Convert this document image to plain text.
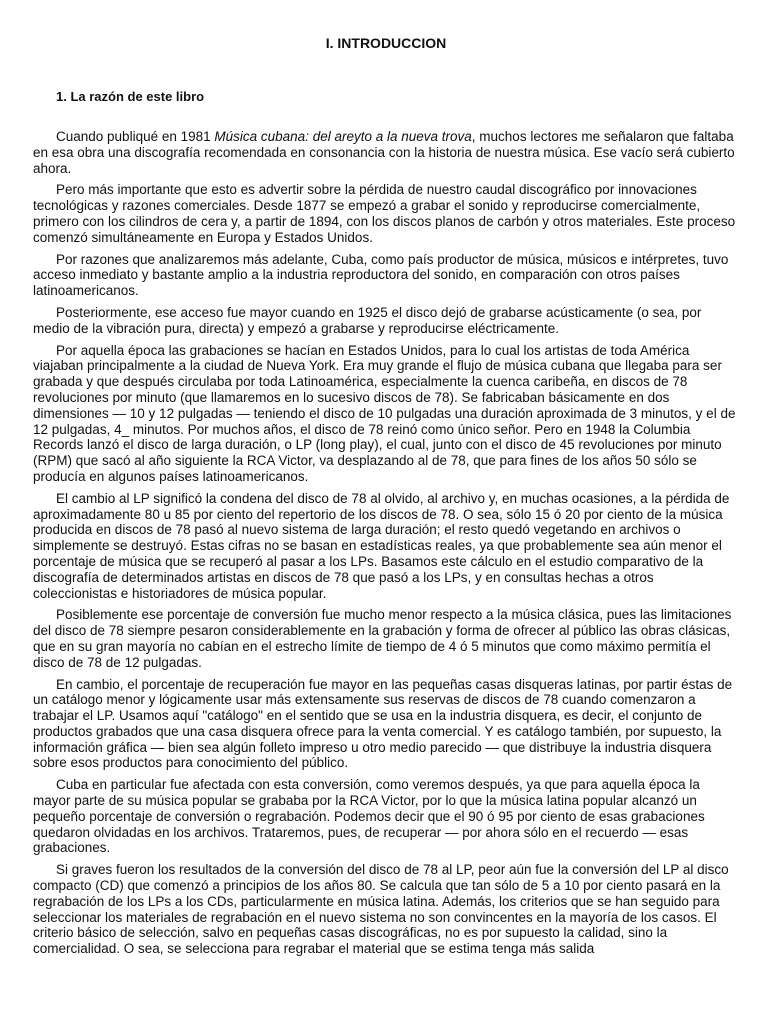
I. INTRODUCCION
1. La razón de este libro

Cuando publiqué en 1981 Música cubana: del areyto a la nueva trova, muchos lectores me señalaron que faltaba en esa obra una discografía recomendada en consonancia con la historia de nuestra música. Ese vacío será cubierto ahora.

Pero más importante que esto es advertir sobre la pérdida de nuestro caudal discográfico por innovaciones tecnológicas y razones comerciales. Desde 1877 se empezó a grabar el sonido y reproducirse comercialmente, primero con los cilindros de cera y, a partir de 1894, con los discos planos de carbón y otros materiales. Este proceso comenzó simultáneamente en Europa y Estados Unidos.

Por razones que analizaremos más adelante, Cuba, como país productor de música, músicos e intérpretes, tuvo acceso inmediato y bastante amplio a la industria reproductora del sonido, en comparación con otros países latinoamericanos.

Posteriormente, ese acceso fue mayor cuando en 1925 el disco dejó de grabarse acústicamente (o sea, por medio de la vibración pura, directa) y empezó a grabarse y reproducirse eléctricamente.

Por aquella época las grabaciones se hacían en Estados Unidos, para lo cual los artistas de toda América viajaban principalmente a la ciudad de Nueva York. Era muy grande el flujo de música cubana que llegaba para ser grabada y que después circulaba por toda Latinoamérica, especialmente la cuenca caribeña, en discos de 78 revoluciones por minuto (que llamaremos en lo sucesivo discos de 78). Se fabricaban básicamente en dos dimensiones — 10 y 12 pulgadas — teniendo el disco de 10 pulgadas una duración aproximada de 3 minutos, y el de 12 pulgadas, 4_ minutos. Por muchos años, el disco de 78 reinó como único señor. Pero en 1948 la Columbia Records lanzó el disco de larga duración, o LP (long play), el cual, junto con el disco de 45 revoluciones por minuto (RPM) que sacó al año siguiente la RCA Victor, va desplazando al de 78, que para fines de los años 50 sólo se producía en algunos países latinoamericanos.

El cambio al LP significó la condena del disco de 78 al olvido, al archivo y, en muchas ocasiones, a la pérdida de aproximadamente 80 u 85 por ciento del repertorio de los discos de 78. O sea, sólo 15 ó 20 por ciento de la música producida en discos de 78 pasó al nuevo sistema de larga duración; el resto quedó vegetando en archivos o simplemente se destruyó. Estas cifras no se basan en estadísticas reales, ya que probablemente sea aún menor el porcentaje de música que se recuperó al pasar a los LPs. Basamos este cálculo en el estudio comparativo de la discografía de determinados artistas en discos de 78 que pasó a los LPs, y en consultas hechas a otros coleccionistas e historiadores de música popular.

Posiblemente ese porcentaje de conversión fue mucho menor respecto a la música clásica, pues las limitaciones del disco de 78 siempre pesaron considerablemente en la grabación y forma de ofrecer al público las obras clásicas, que en su gran mayoría no cabían en el estrecho límite de tiempo de 4 ó 5 minutos que como máximo permitía el disco de 78 de 12 pulgadas.

En cambio, el porcentaje de recuperación fue mayor en las pequeñas casas disqueras latinas, por partir éstas de un catálogo menor y lógicamente usar más extensamente sus reservas de discos de 78 cuando comenzaron a trabajar el LP. Usamos aquí "catálogo" en el sentido que se usa en la industria disquera, es decir, el conjunto de productos grabados que una casa disquera ofrece para la venta comercial. Y es catálogo también, por supuesto, la información gráfica — bien sea algún folleto impreso u otro medio parecido — que distribuye la industria disquera sobre esos productos para conocimiento del público.

Cuba en particular fue afectada con esta conversión, como veremos después, ya que para aquella época la mayor parte de su música popular se grababa por la RCA Victor, por lo que la música latina popular alcanzó un pequeño porcentaje de conversión o regrabación. Podemos decir que el 90 ó 95 por ciento de esas grabaciones quedaron olvidadas en los archivos. Trataremos, pues, de recuperar — por ahora sólo en el recuerdo — esas grabaciones.

Si graves fueron los resultados de la conversión del disco de 78 al LP, peor aún fue la conversión del LP al disco compacto (CD) que comenzó a principios de los años 80. Se calcula que tan sólo de 5 a 10 por ciento pasará en la regrabación de los LPs a los CDs, particularmente en música latina. Además, los criterios que se han seguido para seleccionar los materiales de regrabación en el nuevo sistema no son convincentes en la mayoría de los casos. El criterio básico de selección, salvo en pequeñas casas discográficas, no es por supuesto la calidad, sino la comercialidad. O sea, se selecciona para regrabar el material que se estima tenga más salida
